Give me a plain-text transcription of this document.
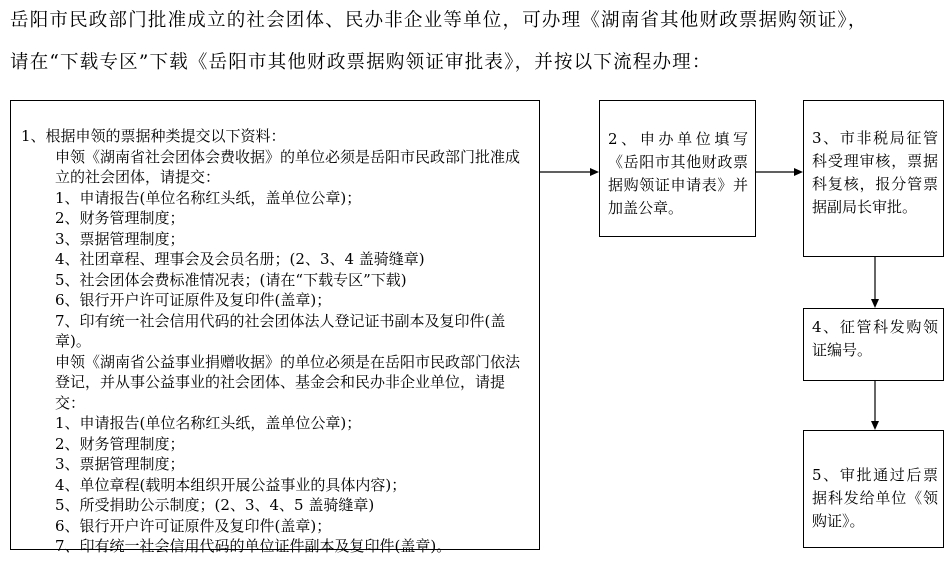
岳阳市民政部门批准成立的社会团体、民办非企业等单位，可办理《湖南省其他财政票据购领证》，
请在“下载专区”下载《岳阳市其他财政票据购领证审批表》，并按以下流程办理：
1、根据申领的票据种类提交以下资料：
申领《湖南省社会团体会费收据》的单位必须是岳阳市民政部门批准成立的社会团体，请提交：
1、申请报告(单位名称红头纸，盖单位公章)；
2、财务管理制度；
3、票据管理制度；
4、社团章程、理事会及会员名册；(2、3、4 盖骑缝章)
5、社会团体会费标准情况表；(请在“下载专区”下载)
6、银行开户许可证原件及复印件(盖章)；
7、印有统一社会信用代码的社会团体法人登记证书副本及复印件(盖章)。
申领《湖南省公益事业捐赠收据》的单位必须是在岳阳市民政部门依法登记，并从事公益事业的社会团体、基金会和民办非企业单位，请提交：
1、申请报告(单位名称红头纸，盖单位公章)；
2、财务管理制度；
3、票据管理制度；
4、单位章程(载明本组织开展公益事业的具体内容)；
5、所受捐助公示制度；(2、3、4、5 盖骑缝章)
6、银行开户许可证原件及复印件(盖章)；
7、印有统一社会信用代码的单位证件副本及复印件(盖章)。
2、申办单位填写《岳阳市其他财政票据购领证申请表》并加盖公章。
3、市非税局征管科受理审核，票据科复核，报分管票据副局长审批。
4、征管科发购领证编号。
5、审批通过后票据科发给单位《领购证》。
